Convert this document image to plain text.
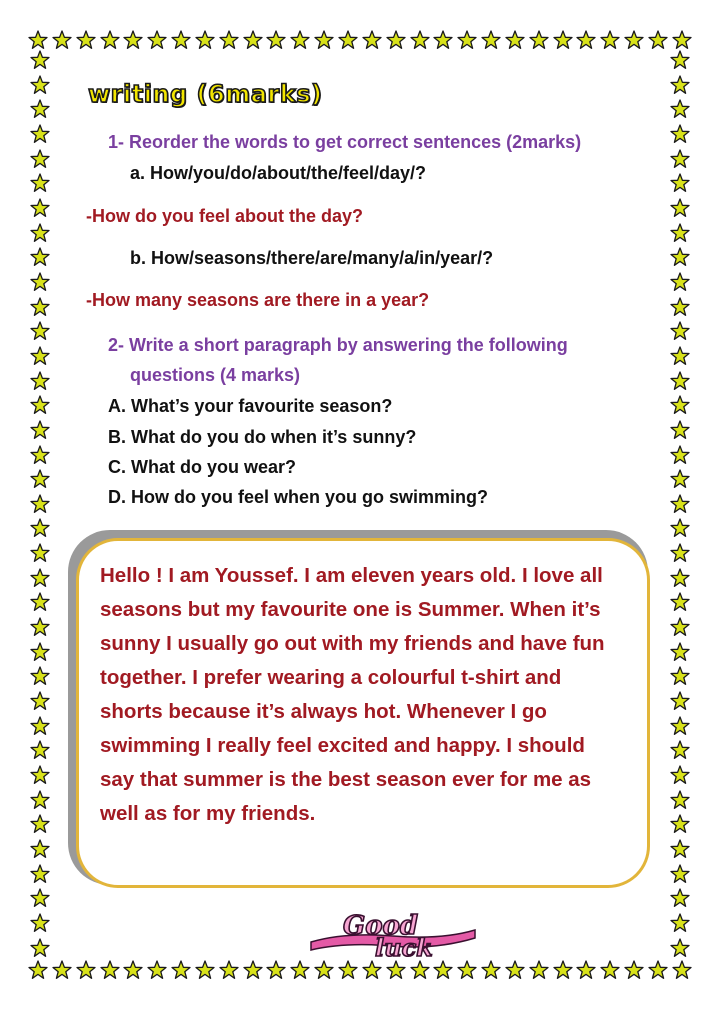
writing (6marks)
1- Reorder the words to get correct sentences (2marks)
a. How/you/do/about/the/feel/day/?
-How do you feel about the day?
b. How/seasons/there/are/many/a/in/year/?
-How many seasons are there in a year?
2- Write a short paragraph by answering the following
questions (4 marks)
A. What’s your favourite season?
B. What do you do when it’s sunny?
C. What do you wear?
D. How do you feel when you go swimming?
Hello ! I am Youssef. I am eleven years old. I love all
seasons but my favourite one is Summer. When it’s
sunny I usually go out with my friends and have fun
together. I prefer wearing a colourful t-shirt and
shorts because it’s always hot. Whenever I go
swimming I really feel excited and happy. I should
say that summer is the best season ever for me as
well as for my friends.
Good
luck
